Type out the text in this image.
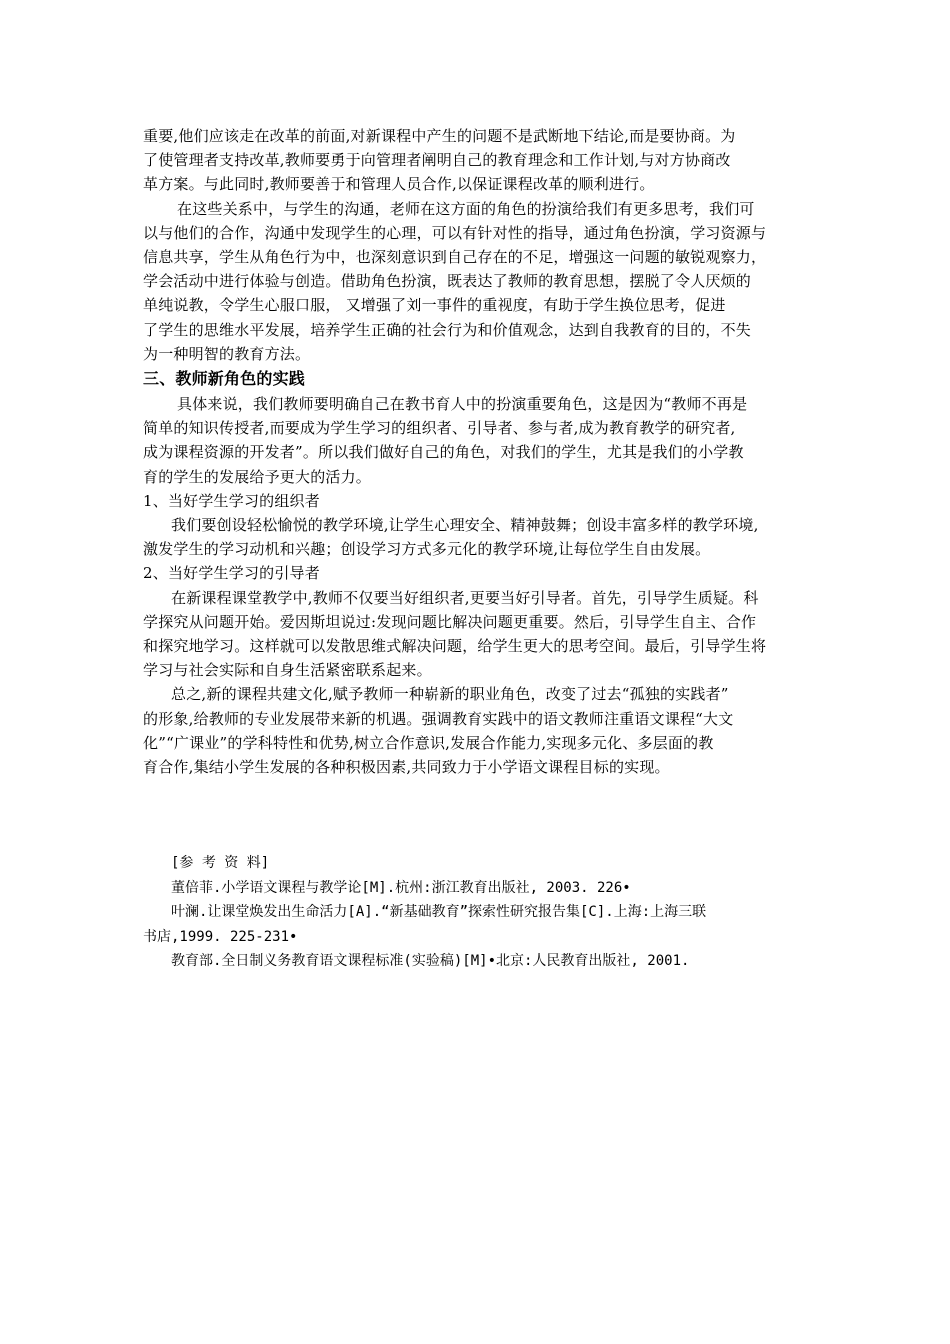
重要,他们应该走在改革的前面,对新课程中产生的问题不是武断地下结论,而是要协商。为
了使管理者支持改革,教师要勇于向管理者阐明自己的教育理念和工作计划,与对方协商改
革方案。与此同时,教师要善于和管理人员合作,以保证课程改革的顺利进行。
在这些关系中，与学生的沟通，老师在这方面的角色的扮演给我们有更多思考，我们可
以与他们的合作，沟通中发现学生的心理，可以有针对性的指导，通过角色扮演，学习资源与
信息共享，学生从角色行为中，也深刻意识到自己存在的不足，增强这一问题的敏锐观察力，
学会活动中进行体验与创造。借助角色扮演，既表达了教师的教育思想，摆脱了令人厌烦的
单纯说教，令学生心服口服， 又增强了刘一事件的重视度，有助于学生换位思考，促进
了学生的思维水平发展，培养学生正确的社会行为和价值观念，达到自我教育的目的，不失
为一种明智的教育方法。
三、教师新角色的实践
具体来说，我们教师要明确自己在教书育人中的扮演重要角色，这是因为“教师不再是
简单的知识传授者,而要成为学生学习的组织者、引导者、参与者,成为教育教学的研究者,
成为课程资源的开发者”。所以我们做好自己的角色，对我们的学生，尤其是我们的小学教
育的学生的发展给予更大的活力。
1、当好学生学习的组织者
我们要创设轻松愉悦的教学环境,让学生心理安全、精神鼓舞；创设丰富多样的教学环境,
激发学生的学习动机和兴趣；创设学习方式多元化的教学环境,让每位学生自由发展。
2、当好学生学习的引导者
在新课程课堂教学中,教师不仅要当好组织者,更要当好引导者。首先，引导学生质疑。科
学探究从问题开始。爱因斯坦说过:发现问题比解决问题更重要。然后，引导学生自主、合作
和探究地学习。这样就可以发散思维式解决问题，给学生更大的思考空间。最后，引导学生将
学习与社会实际和自身生活紧密联系起来。
总之,新的课程共建文化,赋予教师一种崭新的职业角色，改变了过去“孤独的实践者”
的形象,给教师的专业发展带来新的机遇。强调教育实践中的语文教师注重语文课程“大文
化”“广课业”的学科特性和优势,树立合作意识,发展合作能力,实现多元化、多层面的教
育合作,集结小学生发展的各种积极因素,共同致力于小学语文课程目标的实现。
[参 考 资 料]
董倍菲.小学语文课程与教学论[M].杭州:浙江教育出版社, 2003. 226•
叶澜.让课堂焕发出生命活力[A].“新基础教育”探索性研究报告集[C].上海:上海三联
书店,1999. 225-231•
教育部.全日制义务教育语文课程标准(实验稿)[M]•北京:人民教育出版社, 2001.
